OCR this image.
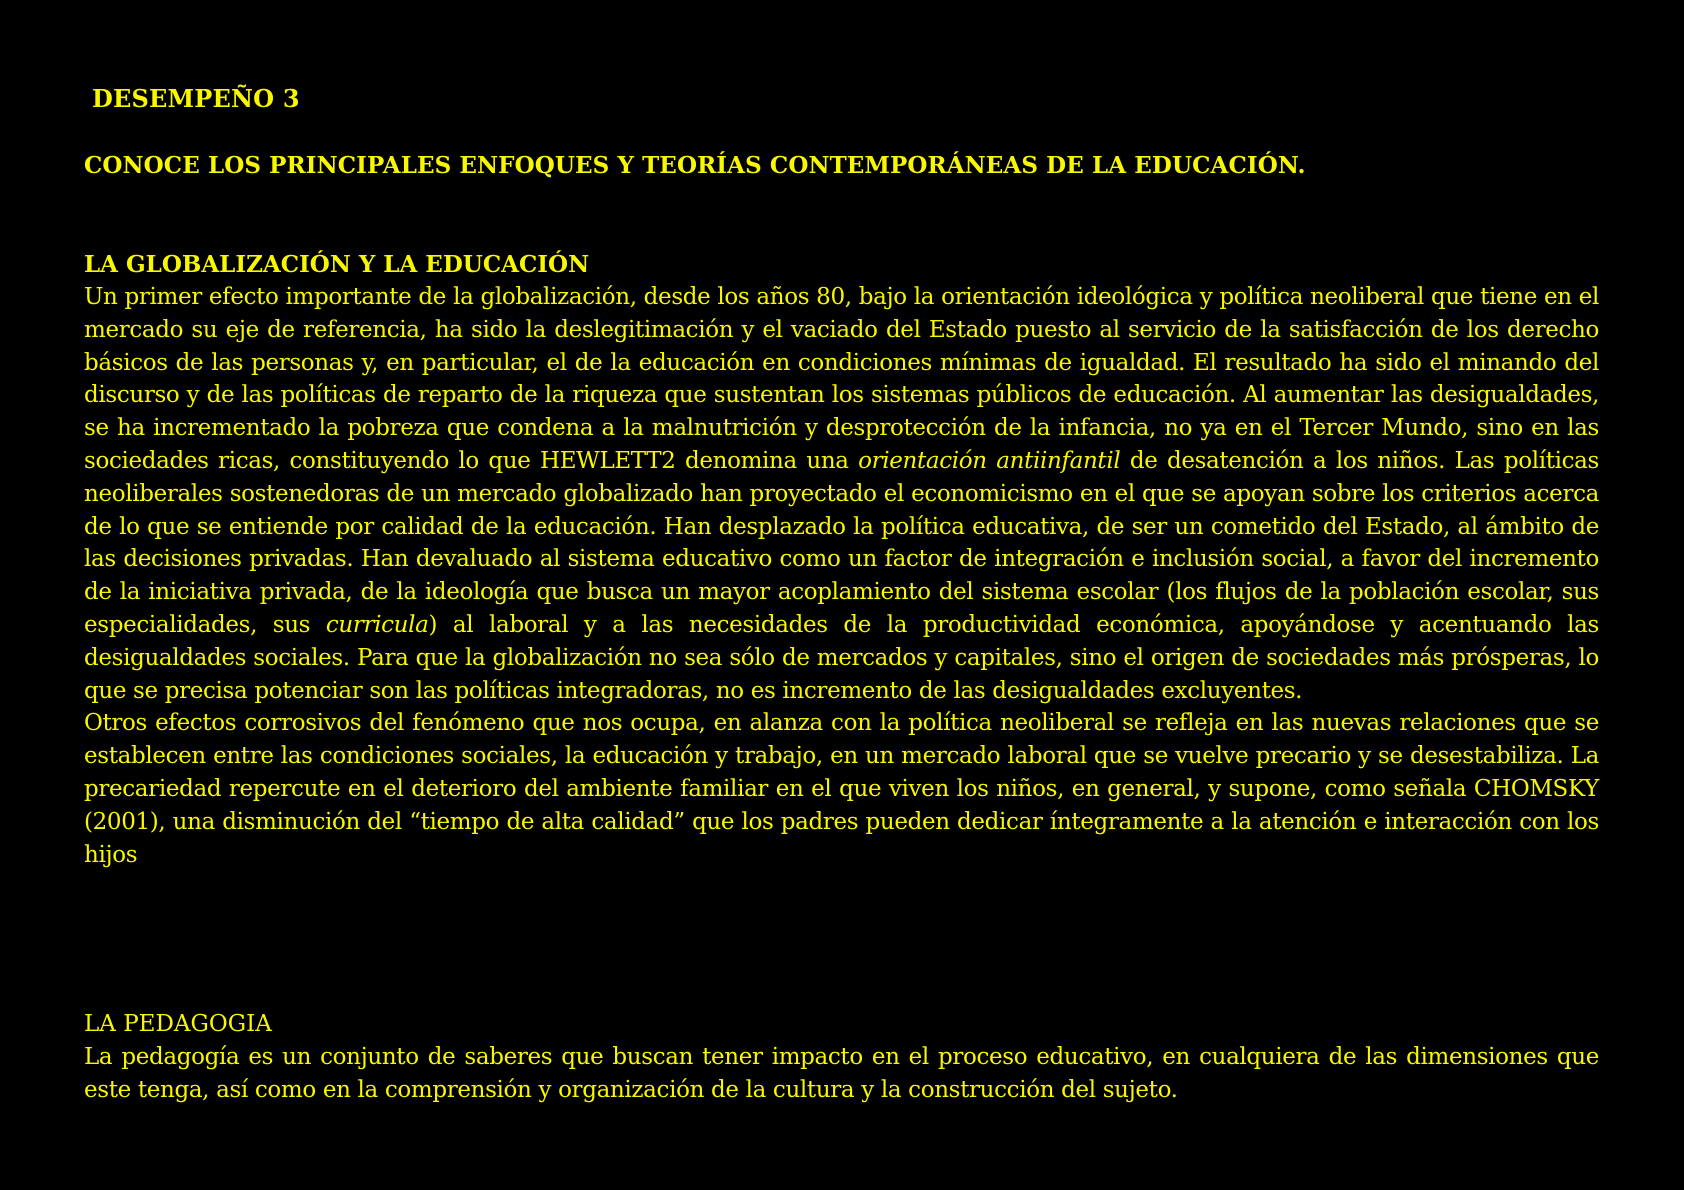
DESEMPEÑO 3
CONOCE LOS PRINCIPALES ENFOQUES Y TEORÍAS CONTEMPORÁNEAS DE LA EDUCACIÓN.
LA GLOBALIZACIÓN Y LA EDUCACIÓN

Un primer efecto importante de la globalización, desde los años 80, bajo la orientación ideológica y política neoliberal que tiene en el mercado su eje de referencia, ha sido la deslegitimación y el vaciado del Estado puesto al servicio de la satisfacción de los derecho básicos de las personas y, en particular, el de la educación en condiciones mínimas de igualdad. El resultado ha sido el minando del discurso y de las políticas de reparto de la riqueza que sustentan los sistemas públicos de educación. Al aumentar las desigualdades, se ha incrementado la pobreza que condena a la malnutrición y desprotección de la infancia, no ya en el Tercer Mundo, sino en las sociedades ricas, constituyendo lo que HEWLETT2 denomina una orientación antiinfantil de desatención a los niños. Las políticas neoliberales sostenedoras de un mercado globalizado han proyectado el economicismo en el que se apoyan sobre los criterios acerca de lo que se entiende por calidad de la educación. Han desplazado la política educativa, de ser un cometido del Estado, al ámbito de las decisiones privadas. Han devaluado al sistema educativo como un factor de integración e inclusión social, a favor del incremento de la iniciativa privada, de la ideología que busca un mayor acoplamiento del sistema escolar (los flujos de la población escolar, sus especialidades, sus curricula) al laboral y a las necesidades de la productividad económica, apoyándose y acentuando las desigualdades sociales. Para que la globalización no sea sólo de mercados y capitales, sino el origen de sociedades más prósperas, lo que se precisa potenciar son las políticas integradoras, no es incremento de las desigualdades excluyentes.

Otros efectos corrosivos del fenómeno que nos ocupa, en alanza con la política neoliberal se refleja en las nuevas relaciones que se establecen entre las condiciones sociales, la educación y trabajo, en un mercado laboral que se vuelve precario y se desestabiliza. La precariedad repercute en el deterioro del ambiente familiar en el que viven los niños, en general, y supone, como señala CHOMSKY (2001), una disminución del “tiempo de alta calidad” que los padres pueden dedicar íntegramente a la atención e interacción con los hijos

LA PEDAGOGIA

La pedagogía es un conjunto de saberes que buscan tener impacto en el proceso educativo, en cualquiera de las dimensiones que este tenga, así como en la comprensión y organización de la cultura y la construcción del sujeto.
